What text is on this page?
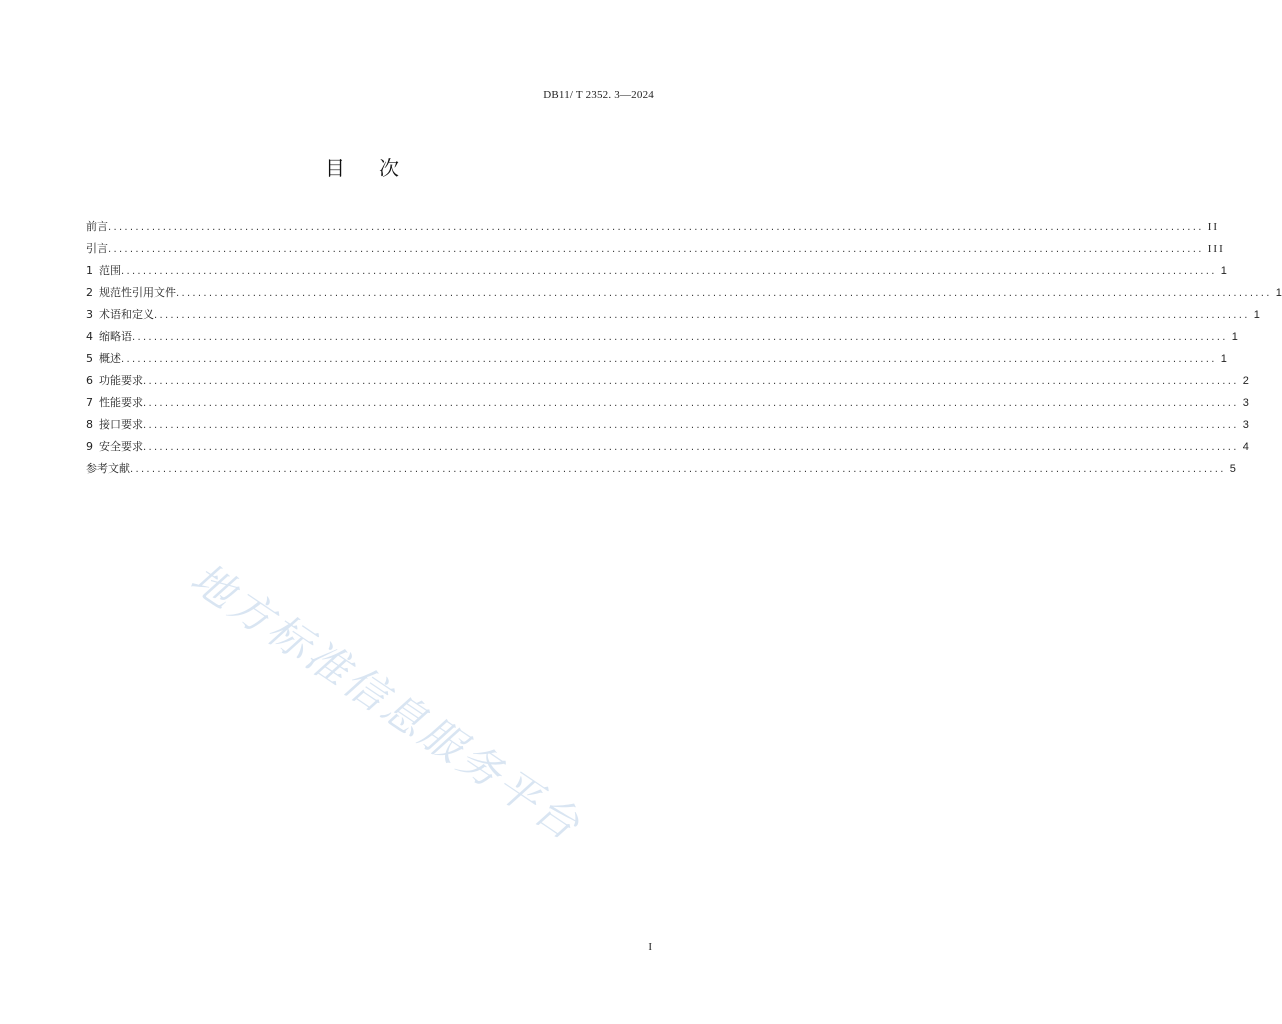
DB11/ T 2352. 3—2024
目 次
前言 ........................................................................................................................................................................................................ II
引言 ........................................................................................................................................................................................................ III
1 范围 ........................................................................................................................................................................................................ 1
2 规范性引用文件 ........................................................................................................................................................................................................ 1
3 术语和定义 ........................................................................................................................................................................................................ 1
4 缩略语 ........................................................................................................................................................................................................ 1
5 概述 ........................................................................................................................................................................................................ 1
6 功能要求 ........................................................................................................................................................................................................ 2
7 性能要求 ........................................................................................................................................................................................................ 3
8 接口要求 ........................................................................................................................................................................................................ 3
9 安全要求 ........................................................................................................................................................................................................ 4
参考文献 ........................................................................................................................................................................................................ 5
地方标准信息服务平台
I
